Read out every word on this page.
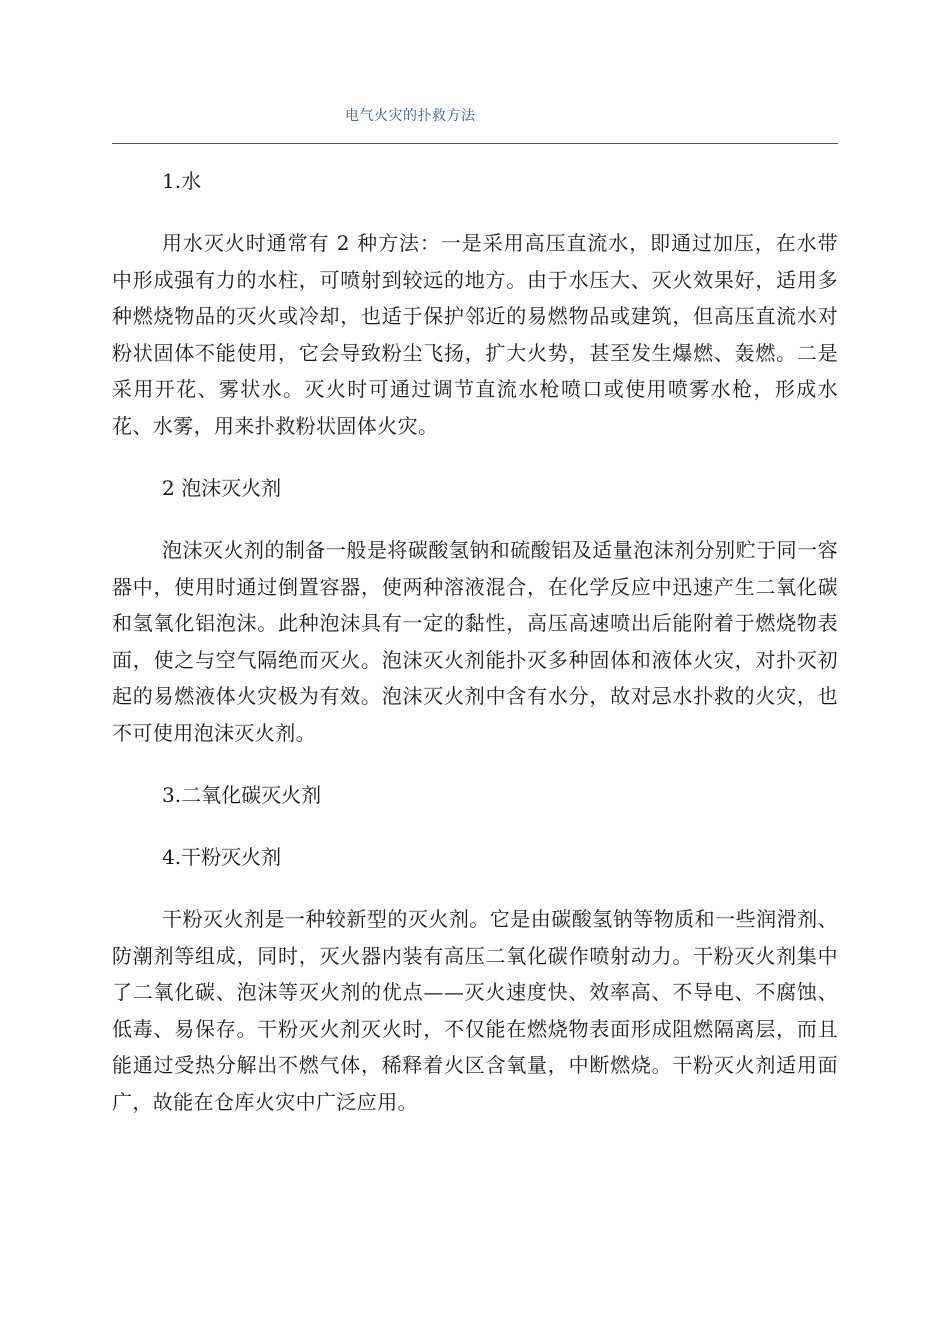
电气火灾的扑救方法

1.水

用水灭火时通常有 2 种方法：一是采用高压直流水，即通过加压，在水带中形成强有力的水柱，可喷射到较远的地方。由于水压大、灭火效果好，适用多种燃烧物品的灭火或冷却，也适于保护邻近的易燃物品或建筑，但高压直流水对粉状固体不能使用，它会导致粉尘飞扬，扩大火势，甚至发生爆燃、轰燃。二是采用开花、雾状水。灭火时可通过调节直流水枪喷口或使用喷雾水枪，形成水花、水雾，用来扑救粉状固体火灾。

2 泡沫灭火剂

泡沫灭火剂的制备一般是将碳酸氢钠和硫酸铝及适量泡沫剂分别贮于同一容器中，使用时通过倒置容器，使两种溶液混合，在化学反应中迅速产生二氧化碳和氢氧化铝泡沫。此种泡沫具有一定的黏性，高压高速喷出后能附着于燃烧物表面，使之与空气隔绝而灭火。泡沫灭火剂能扑灭多种固体和液体火灾，对扑灭初起的易燃液体火灾极为有效。泡沫灭火剂中含有水分，故对忌水扑救的火灾，也不可使用泡沫灭火剂。

3.二氧化碳灭火剂

4.干粉灭火剂

干粉灭火剂是一种较新型的灭火剂。它是由碳酸氢钠等物质和一些润滑剂、防潮剂等组成，同时，灭火器内装有高压二氧化碳作喷射动力。干粉灭火剂集中了二氧化碳、泡沫等灭火剂的优点——灭火速度快、效率高、不导电、不腐蚀、低毒、易保存。干粉灭火剂灭火时，不仅能在燃烧物表面形成阻燃隔离层，而且能通过受热分解出不燃气体，稀释着火区含氧量，中断燃烧。干粉灭火剂适用面广，故能在仓库火灾中广泛应用。
